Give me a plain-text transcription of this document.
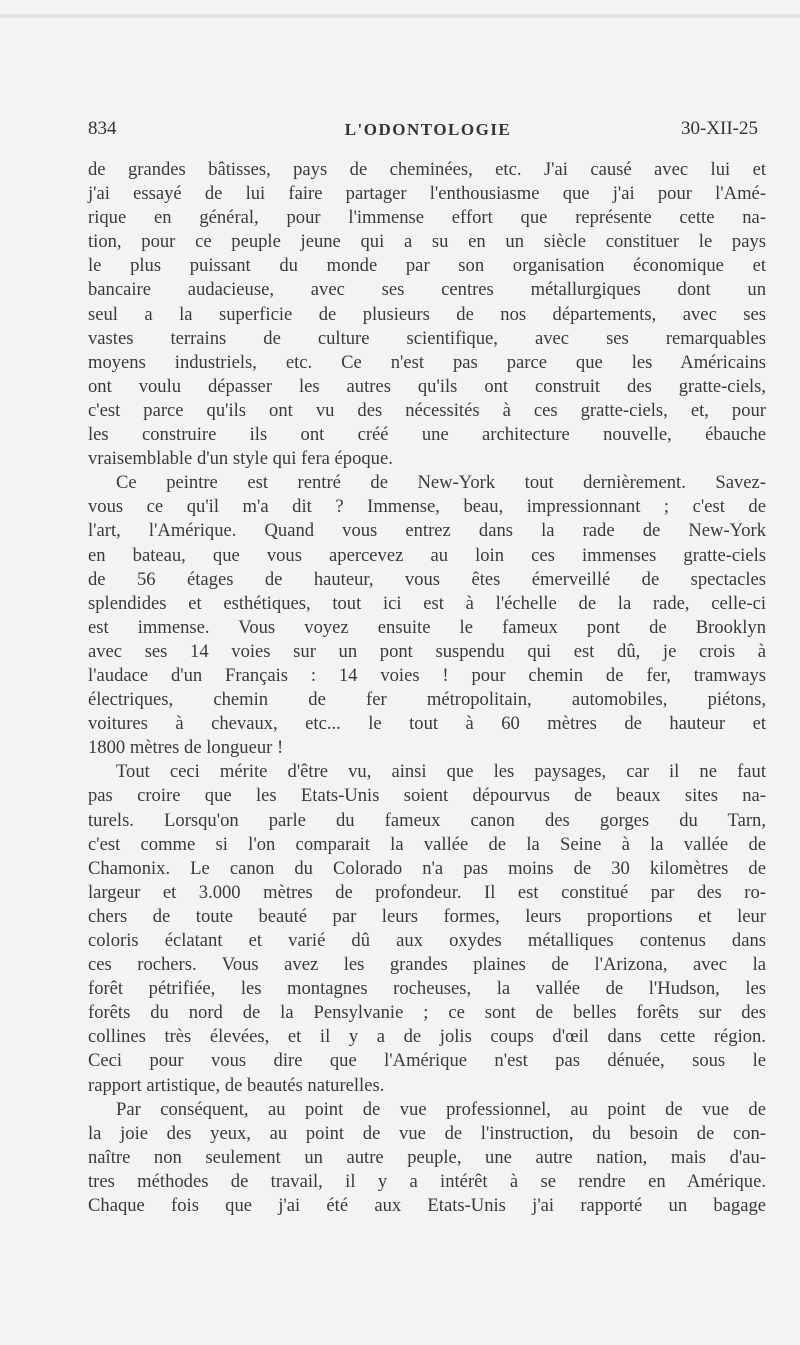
834	L'ODONTOLOGIE	30-XII-25
de grandes bâtisses, pays de cheminées, etc. J'ai causé avec lui et
j'ai essayé de lui faire partager l'enthousiasme que j'ai pour l'Amé-
rique en général, pour l'immense effort que représente cette na-
tion, pour ce peuple jeune qui a su en un siècle constituer le pays
le plus puissant du monde par son organisation économique et
bancaire audacieuse, avec ses centres métallurgiques dont un
seul a la superficie de plusieurs de nos départements, avec ses
vastes terrains de culture scientifique, avec ses remarquables
moyens industriels, etc. Ce n'est pas parce que les Américains
ont voulu dépasser les autres qu'ils ont construit des gratte-ciels,
c'est parce qu'ils ont vu des nécessités à ces gratte-ciels, et, pour
les construire ils ont créé une architecture nouvelle, ébauche
vraisemblable d'un style qui fera époque.
Ce peintre est rentré de New-York tout dernièrement. Savez-
vous ce qu'il m'a dit ? Immense, beau, impressionnant ; c'est de
l'art, l'Amérique. Quand vous entrez dans la rade de New-York
en bateau, que vous apercevez au loin ces immenses gratte-ciels
de 56 étages de hauteur, vous êtes émerveillé de spectacles
splendides et esthétiques, tout ici est à l'échelle de la rade, celle-ci
est immense. Vous voyez ensuite le fameux pont de Brooklyn
avec ses 14 voies sur un pont suspendu qui est dû, je crois à
l'audace d'un Français : 14 voies ! pour chemin de fer, tramways
électriques, chemin de fer métropolitain, automobiles, piétons,
voitures à chevaux, etc... le tout à 60 mètres de hauteur et
1800 mètres de longueur !
Tout ceci mérite d'être vu, ainsi que les paysages, car il ne faut
pas croire que les Etats-Unis soient dépourvus de beaux sites na-
turels. Lorsqu'on parle du fameux canon des gorges du Tarn,
c'est comme si l'on comparait la vallée de la Seine à la vallée de
Chamonix. Le canon du Colorado n'a pas moins de 30 kilomètres de
largeur et 3.000 mètres de profondeur. Il est constitué par des ro-
chers de toute beauté par leurs formes, leurs proportions et leur
coloris éclatant et varié dû aux oxydes métalliques contenus dans
ces rochers. Vous avez les grandes plaines de l'Arizona, avec la
forêt pétrifiée, les montagnes rocheuses, la vallée de l'Hudson, les
forêts du nord de la Pensylvanie ; ce sont de belles forêts sur des
collines très élevées, et il y a de jolis coups d'œil dans cette région.
Ceci pour vous dire que l'Amérique n'est pas dénuée, sous le
rapport artistique, de beautés naturelles.
Par conséquent, au point de vue professionnel, au point de vue de
la joie des yeux, au point de vue de l'instruction, du besoin de con-
naître non seulement un autre peuple, une autre nation, mais d'au-
tres méthodes de travail, il y a intérêt à se rendre en Amérique.
Chaque fois que j'ai été aux Etats-Unis j'ai rapporté un bagage
